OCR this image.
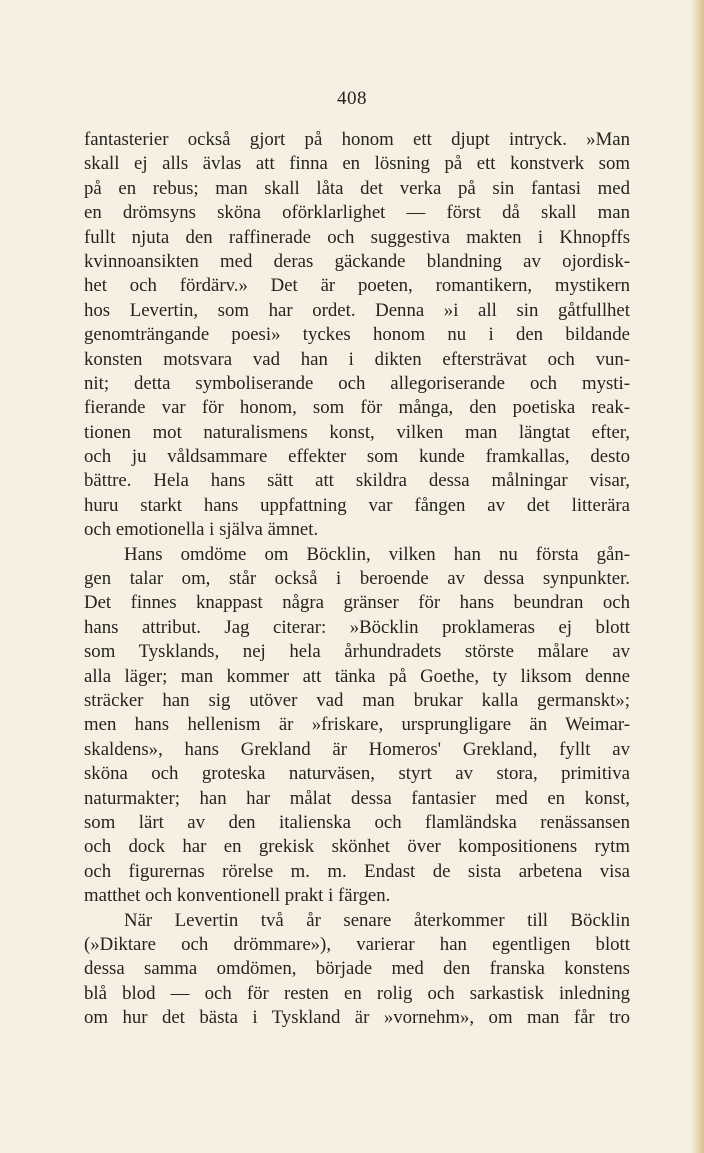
408
fantasterier också gjort på honom ett djupt intryck. »Man
skall ej alls ävlas att finna en lösning på ett konstverk som
på en rebus; man skall låta det verka på sin fantasi med
en drömsyns sköna oförklarlighet — först då skall man
fullt njuta den raffinerade och suggestiva makten i Khnopffs
kvinnoansikten med deras gäckande blandning av ojordisk-
het och fördärv.» Det är poeten, romantikern, mystikern
hos Levertin, som har ordet. Denna »i all sin gåtfullhet
genomträngande poesi» tyckes honom nu i den bildande
konsten motsvara vad han i dikten eftersträvat och vun-
nit; detta symboliserande och allegoriserande och mysti-
fierande var för honom, som för många, den poetiska reak-
tionen mot naturalismens konst, vilken man längtat efter,
och ju våldsammare effekter som kunde framkallas, desto
bättre. Hela hans sätt att skildra dessa målningar visar,
huru starkt hans uppfattning var fången av det litterära
och emotionella i själva ämnet.
Hans omdöme om Böcklin, vilken han nu första gån-
gen talar om, står också i beroende av dessa synpunkter.
Det finnes knappast några gränser för hans beundran och
hans attribut. Jag citerar: »Böcklin proklameras ej blott
som Tysklands, nej hela århundradets störste målare av
alla läger; man kommer att tänka på Goethe, ty liksom denne
sträcker han sig utöver vad man brukar kalla germanskt»;
men hans hellenism är »friskare, ursprungligare än Weimar-
skaldens», hans Grekland är Homeros' Grekland, fyllt av
sköna och groteska naturväsen, styrt av stora, primitiva
naturmakter; han har målat dessa fantasier med en konst,
som lärt av den italienska och flamländska renässansen
och dock har en grekisk skönhet över kompositionens rytm
och figurernas rörelse m. m. Endast de sista arbetena visa
matthet och konventionell prakt i färgen.
När Levertin två år senare återkommer till Böcklin
(»Diktare och drömmare»), varierar han egentligen blott
dessa samma omdömen, började med den franska konstens
blå blod — och för resten en rolig och sarkastisk inledning
om hur det bästa i Tyskland är »vornehm», om man får tro
